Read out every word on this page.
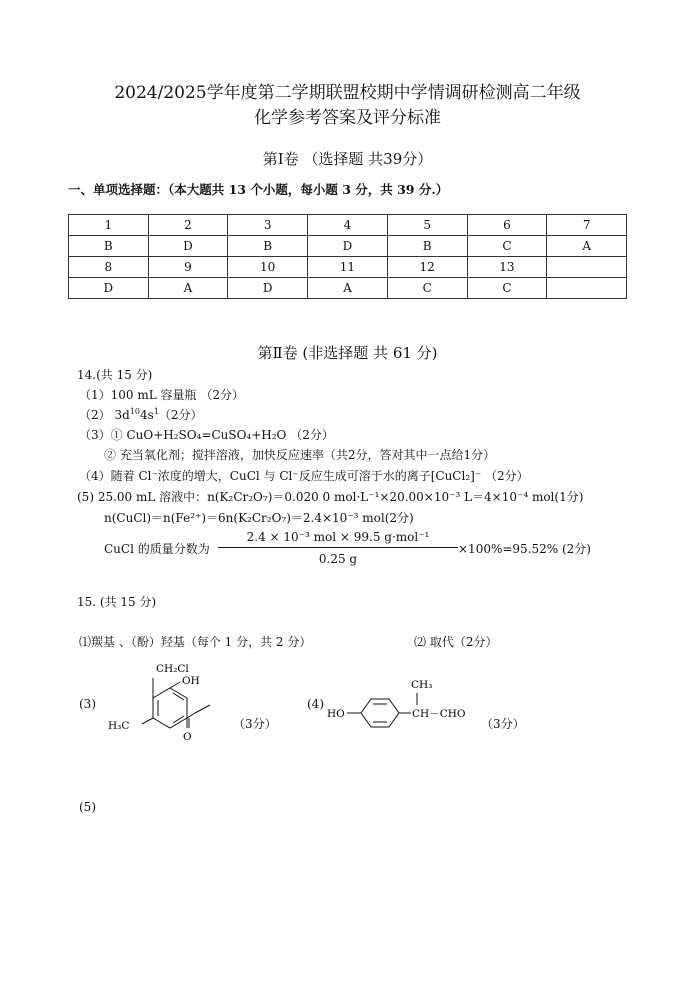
2024/2025学年度第二学期联盟校期中学情调研检测高二年级
化学参考答案及评分标准
第Ⅰ卷 （选择题 共39分）
一、单项选择题：（本大题共 13 个小题，每小题 3 分，共 39 分.）
1	2	3	4	5	6	7
B	D	B	D	B	C	A
8	9	10	11	12	13	
D	A	D	A	C	C	
第Ⅱ卷 (非选择题 共 61 分)
14.(共 15 分)
（1）100 mL 容量瓶 （2分）
（2） $3d^{10}4s^1(2$分）
（3）① CuO+H₂SO₄=CuSO₄+H₂O （2分）
② 充当氧化剂；搅拌溶液，加快反应速率（共2分，答对其中一点给1分）
（4）随着 Cl⁻浓度的增大，CuCl 与 Cl⁻反应生成可溶于水的离子[CuCl₂]⁻ （2分）
(5) 25.00 mL 溶液中：n(K₂Cr₂O₇)＝0.020 0 mol·L⁻¹×20.00×10⁻³ L＝4×10⁻⁴ mol(1分)
n(CuCl)＝n(Fe²⁺)＝6n(K₂Cr₂O₇)＝2.4×10⁻³ mol(2分)
CuCl 的质量分数为
2.4 × 10⁻³ mol × 99.5 g·mol⁻¹
0.25 g
×100%=95.52% (2分)
15. (共 15 分)
⑴羰基 、（酚）羟基（每个 1 分，共 2 分）	⑵ 取代（2分）
(3)
CH₂Cl
OH
H₃C
O
（3分）
(4)
HO	CH－CHO
CH₃
（3分）
(5)
